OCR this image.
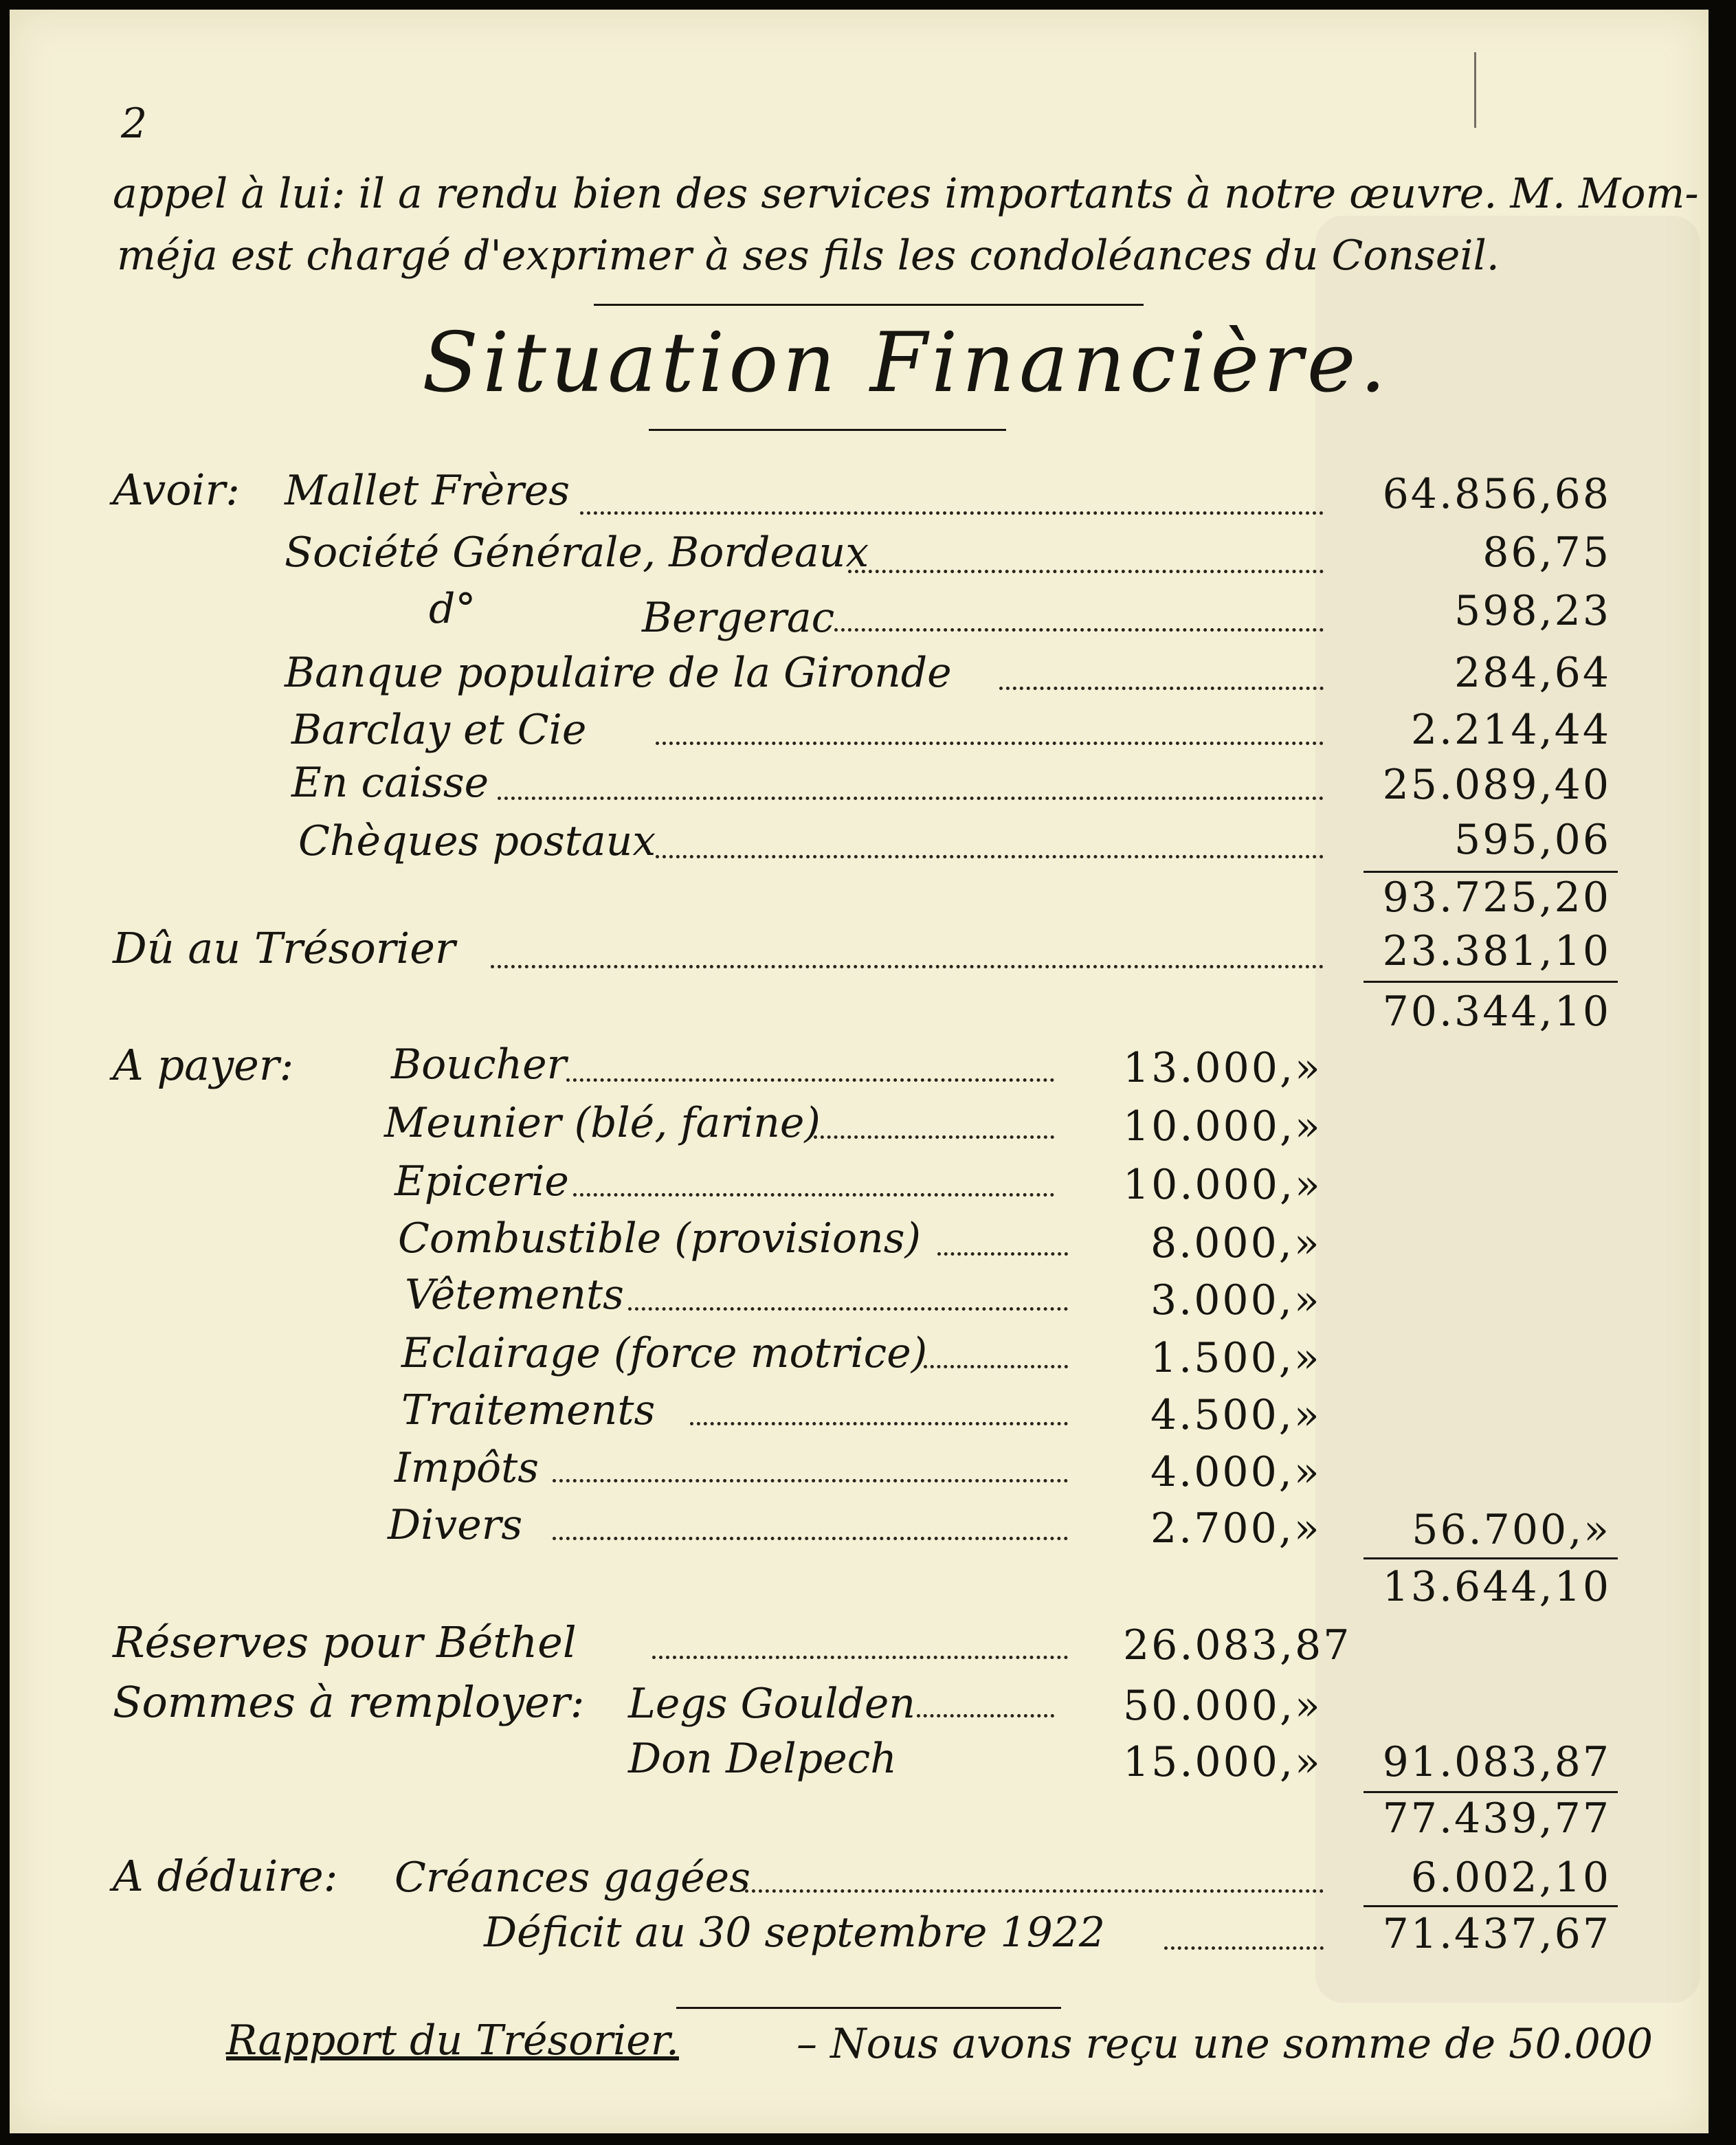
2
appel à lui: il a rendu bien des services importants à notre œuvre. M. Mom-
méja est chargé d'exprimer à ses fils les condoléances du Conseil.
Situation Financière.
Avoir: Mallet Frères	64.856,68
Société Générale, Bordeaux	86,75
d°	Bergerac	598,23
Banque populaire de la Gironde	284,64
Barclay et Cie	2.214,44
En caisse	25.089,40
Chèques postaux	595,06
93.725,20
Dû au Trésorier	23.381,10
70.344,10
A payer: Boucher	13.000,»
Meunier (blé, farine)	10.000,»
Epicerie	10.000,»
Combustible (provisions)	8.000,»
Vêtements	3.000,»
Eclairage (force motrice)	1.500,»
Traitements	4.500,»
Impôts	4.000,»
Divers	2.700,»	56.700,»
13.644,10
Réserves pour Béthel	26.083,87
Sommes à remployer: Legs Goulden	50.000,»
Don Delpech	15.000,»	91.083,87
77.439,77
A déduire: Créances gagées	6.002,10
Déficit au 30 septembre 1922	71.437,67
Rapport du Trésorier.	– Nous avons reçu une somme de 50.000
